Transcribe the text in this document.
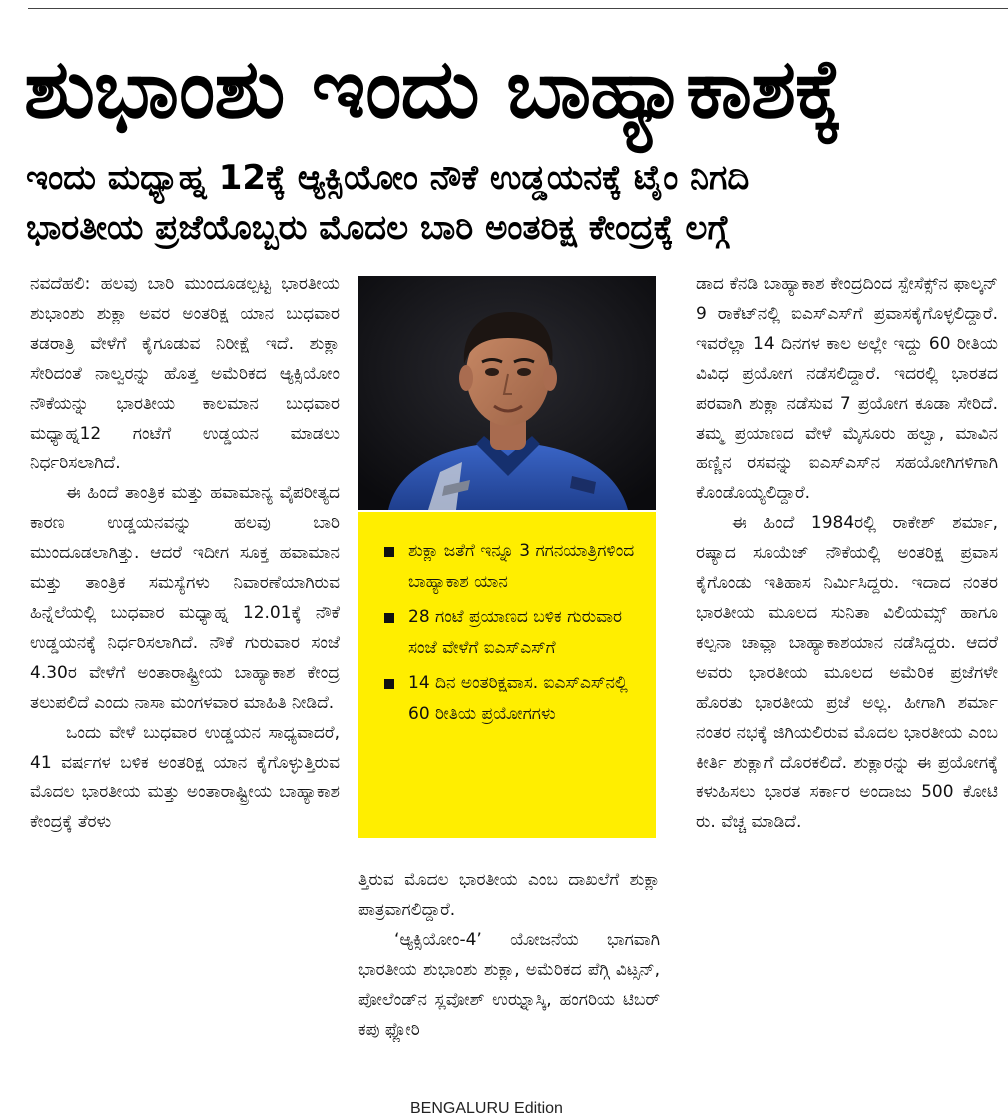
ಶುಭಾಂಶು ಇಂದು ಬಾಹ್ಯಾಕಾಶಕ್ಕೆ
ಇಂದು ಮಧ್ಯಾಹ್ನ 12ಕ್ಕೆ ಆ್ಯಕ್ಸಿಯೋಂ ನೌಕೆ ಉಡ್ಡಯನಕ್ಕೆ ಟೈಂ ನಿಗದಿ
ಭಾರತೀಯ ಪ್ರಜೆಯೊಬ್ಬರು ಮೊದಲ ಬಾರಿ ಅಂತರಿಕ್ಷ ಕೇಂದ್ರಕ್ಕೆ ಲಗ್ಗೆ

ನವದೆಹಲಿ: ಹಲವು ಬಾರಿ ಮುಂದೂಡಲ್ಪಟ್ಟ ಭಾರತೀಯ ಶುಭಾಂಶು ಶುಕ್ಲಾ ಅವರ ಅಂತರಿಕ್ಷ ಯಾನ ಬುಧವಾರ ತಡರಾತ್ರಿ ವೇಳೆಗೆ ಕೈಗೂಡುವ ನಿರೀಕ್ಷೆ ಇದೆ. ಶುಕ್ಲಾ ಸೇರಿದಂತೆ ನಾಲ್ವರನ್ನು ಹೊತ್ತ ಅಮೆರಿಕದ ಆ್ಯಕ್ಸಿಯೋಂ ನೌಕೆಯನ್ನು ಭಾರತೀಯ ಕಾಲಮಾನ ಬುಧವಾರ ಮಧ್ಯಾಹ್ನ12 ಗಂಟೆಗೆ ಉಡ್ಡಯನ ಮಾಡಲು ನಿರ್ಧರಿಸಲಾಗಿದೆ.

ಈ ಹಿಂದೆ ತಾಂತ್ರಿಕ ಮತ್ತು ಹವಾಮಾನ್ಯ ವೈಪರೀತ್ಯದ ಕಾರಣ ಉಡ್ಡಯನವನ್ನು ಹಲವು ಬಾರಿ ಮುಂದೂಡಲಾಗಿತ್ತು. ಆದರೆ ಇದೀಗ ಸೂಕ್ತ ಹವಾಮಾನ ಮತ್ತು ತಾಂತ್ರಿಕ ಸಮಸ್ಯೆಗಳು ನಿವಾರಣೆಯಾಗಿರುವ ಹಿನ್ನೆಲೆಯಲ್ಲಿ ಬುಧವಾರ ಮಧ್ಯಾಹ್ನ 12.01ಕ್ಕೆ ನೌಕೆ ಉಡ್ಡಯನಕ್ಕೆ ನಿರ್ಧರಿಸಲಾಗಿದೆ. ನೌಕೆ ಗುರುವಾರ ಸಂಜೆ 4.30ರ ವೇಳೆಗೆ ಅಂತಾರಾಷ್ಟ್ರೀಯ ಬಾಹ್ಯಾಕಾಶ ಕೇಂದ್ರ ತಲುಪಲಿದೆ ಎಂದು ನಾಸಾ ಮಂಗಳವಾರ ಮಾಹಿತಿ ನೀಡಿದೆ.

ಒಂದು ವೇಳೆ ಬುಧವಾರ ಉಡ್ಡಯನ ಸಾಧ್ಯವಾದರೆ, 41 ವರ್ಷಗಳ ಬಳಿಕ ಅಂತರಿಕ್ಷ ಯಾನ ಕೈಗೊಳ್ಳುತ್ತಿರುವ ಮೊದಲ ಭಾರತೀಯ ಮತ್ತು ಅಂತಾರಾಷ್ಟ್ರೀಯ ಬಾಹ್ಯಾಕಾಶ ಕೇಂದ್ರಕ್ಕೆ ತೆರಳು

ಶುಕ್ಲಾ ಜತೆಗೆ ಇನ್ನೂ 3 ಗಗನಯಾತ್ರಿಗಳಿಂದ ಬಾಹ್ಯಾಕಾಶ ಯಾನ
28 ಗಂಟೆ ಪ್ರಯಾಣದ ಬಳಿಕ ಗುರುವಾರ ಸಂಜೆ ವೇಳೆಗೆ ಐಎಸ್‌ಎಸ್‌ಗೆ
14 ದಿನ ಅಂತರಿಕ್ಷವಾಸ. ಐಎಸ್‌ಎಸ್‌ನಲ್ಲಿ 60 ರೀತಿಯ ಪ್ರಯೋಗಗಳು

ತ್ತಿರುವ ಮೊದಲ ಭಾರತೀಯ ಎಂಬ ದಾಖಲೆಗೆ ಶುಕ್ಲಾ ಪಾತ್ರವಾಗಲಿದ್ದಾರೆ.

‘ಆ್ಯಕ್ಸಿಯೋಂ-4’ ಯೋಜನೆಯ ಭಾಗವಾಗಿ ಭಾರತೀಯ ಶುಭಾಂಶು ಶುಕ್ಲಾ, ಅಮೆರಿಕದ ಪೆಗ್ಗಿ ವಿಟ್ಸನ್, ಪೋಲೆಂಡ್‌ನ ಸ್ಲವೋಶ್ ಉಝ್ನಾಸ್ಕಿ, ಹಂಗರಿಯ ಟಿಬರ್ ಕಪು ಫ್ಲೋರಿ

ಡಾದ ಕೆನಡಿ ಬಾಹ್ಯಾಕಾಶ ಕೇಂದ್ರದಿಂದ ಸ್ಪೇಸೆಕ್ಸ್‌ನ ಫಾಲ್ಕನ್ 9 ರಾಕೆಟ್‌ನಲ್ಲಿ ಐಎಸ್‌ಎಸ್‌ಗೆ ಪ್ರವಾಸಕೈಗೊಳ್ಳಲಿದ್ದಾರೆ. ಇವರೆಲ್ಲಾ 14 ದಿನಗಳ ಕಾಲ ಅಲ್ಲೇ ಇದ್ದು 60 ರೀತಿಯ ವಿವಿಧ ಪ್ರಯೋಗ ನಡೆಸಲಿದ್ದಾರೆ. ಇದರಲ್ಲಿ ಭಾರತದ ಪರವಾಗಿ ಶುಕ್ಲಾ ನಡೆಸುವ 7 ಪ್ರಯೋಗ ಕೂಡಾ ಸೇರಿದೆ. ತಮ್ಮ ಪ್ರಯಾಣದ ವೇಳೆ ಮೈಸೂರು ಹಲ್ವಾ, ಮಾವಿನ ಹಣ್ಣಿನ ರಸವನ್ನು ಐಎಸ್‌ಎಸ್‌ನ ಸಹಯೋಗಿಗಳಿಗಾಗಿ ಕೊಂಡೊಯ್ಯಲಿದ್ದಾರೆ.

ಈ ಹಿಂದೆ 1984ರಲ್ಲಿ ರಾಕೇಶ್ ಶರ್ಮಾ, ರಷ್ಯಾದ ಸೂಯೆಜ್ ನೌಕೆಯಲ್ಲಿ ಅಂತರಿಕ್ಷ ಪ್ರವಾಸ ಕೈಗೊಂಡು ಇತಿಹಾಸ ನಿರ್ಮಿಸಿದ್ದರು. ಇದಾದ ನಂತರ ಭಾರತೀಯ ಮೂಲದ ಸುನಿತಾ ವಿಲಿಯಮ್ಸ್ ಹಾಗೂ ಕಲ್ಪನಾ ಚಾವ್ಲಾ ಬಾಹ್ಯಾಕಾಶಯಾನ ನಡೆಸಿದ್ದರು. ಆದರೆ ಅವರು ಭಾರತೀಯ ಮೂಲದ ಅಮೆರಿಕ ಪ್ರಜೆಗಳೇ ಹೊರತು ಭಾರತೀಯ ಪ್ರಜೆ ಅಲ್ಲ. ಹೀಗಾಗಿ ಶರ್ಮಾ ನಂತರ ನಭಕ್ಕೆ ಜಿಗಿಯಲಿರುವ ಮೊದಲ ಭಾರತೀಯ ಎಂಬ ಕೀರ್ತಿ ಶುಕ್ಲಾಗೆ ದೊರಕಲಿದೆ. ಶುಕ್ಲಾರನ್ನು ಈ ಪ್ರಯೋಗಕ್ಕೆ ಕಳುಹಿಸಲು ಭಾರತ ಸರ್ಕಾರ ಅಂದಾಜು 500 ಕೋಟಿ ರು. ವೆಚ್ಚ ಮಾಡಿದೆ.

BENGALURU Edition
